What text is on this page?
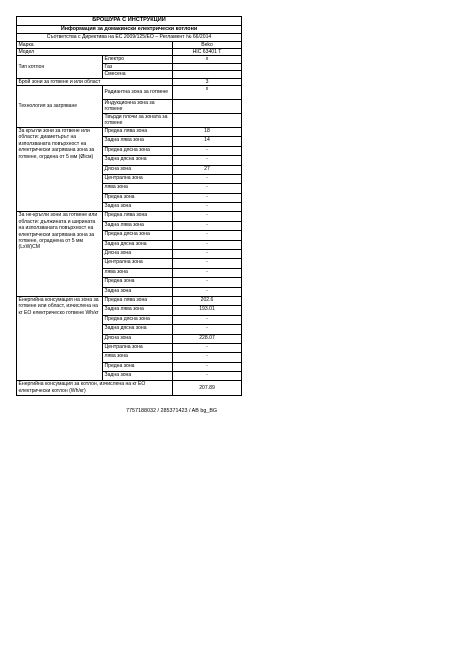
БРОШУРА С ИНСТРУКЦИИ		
Информация за домакински електрически котлони		
Съответства с Директива на ЕС 2009/125/ЕО – Регламент № 66/2014		
Марка		Beko
Модел		HIC 63401 T
Тип котлон	Електро	x
	Газ	
	Смесена	
Брой зони за готвене и или област		3
Технология за загряване	Радиантна зона за готвене	x
	Индукционна зона за готвене	
	Твърди плочи за зоната за готвене	
За кръгли зони за готвене или области: диаметърът на използваната повърхност на електрически загрявана зона за готвене, огрдена от 5 мм (Øiсм)	Предна лява зона	18
	Задна лява зона	14
	Предна дясна зона	-
	Задна дясна зона	-
	Дясна зона	27
	Централна зона	-
	лява зона	-
	Предна зона	-
	Задна зона	-
За не-кръгли зони за готвене или области: дължината и ширината на използваната повърхност на електрически загрявана зона за готвене, ограднена от 5 мм (LxW)CM	Предна лява зона	-
	Задна лява зона	-
	Предна дясна зона	-
	Задна дясна зона	-
	Дясна зона	-
	Централна зона	-
	лява зона	-
	Предна зона	-
	Задна зона	-
Енергийна консумация на зона за готвене или област, изчислена на кг ЕО електрическо готвене Wh/кг	Предна лява зона	202.6
	Задна лява зона	193.01
	Предна дясна зона	-
	Задна дясна зона	-
	Дясна зона	228.07
	Централна зона	-
	лява зона	-
	Предна зона	-
	Задна зона	-
Енергийна консумация за котлон, изчислена на кг ЕО електрически котлон (Wh/кг)		207.89
7757188032 / 285371423 / AB bg_BG
